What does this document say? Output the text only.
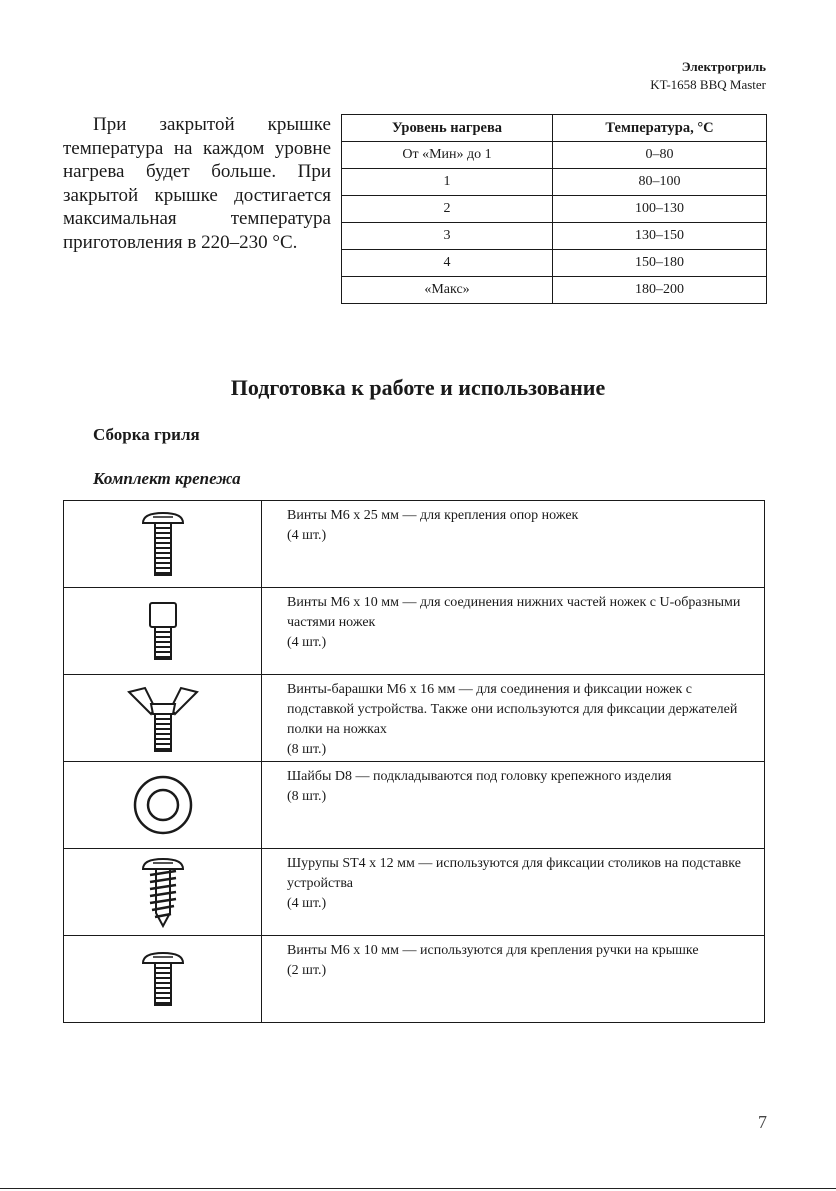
Электрогриль
KT-1658 BBQ Master

При закрытой крышке температура на каждом уровне нагрева будет больше. При закрытой крышке достигается максимальная температура приготовления в 220–230 °С.

Уровень нагрева	Температура, °С
От «Мин» до 1	0–80
1	80–100
2	100–130
3	130–150
4	150–180
«Макс»	180–200
Подготовка к работе и использование
Сборка гриля
Комплект крепежа

Винты М6 х 25 мм — для крепления опор ножек
(4 шт.)

Винты М6 х 10 мм — для соединения нижних частей ножек с U-образными частями ножек
(4 шт.)

Винты-барашки М6 х 16 мм — для соединения и фиксации ножек с подставкой устройства. Также они используются для фиксации держателей полки на ножках
(8 шт.)

Шайбы D8 — подкладываются под головку крепежного изделия
(8 шт.)

Шурупы ST4 х 12 мм — используются для фиксации столиков на подставке устройства
(4 шт.)

Винты М6 х 10 мм — используются для крепления ручки на крышке
(2 шт.)
7
